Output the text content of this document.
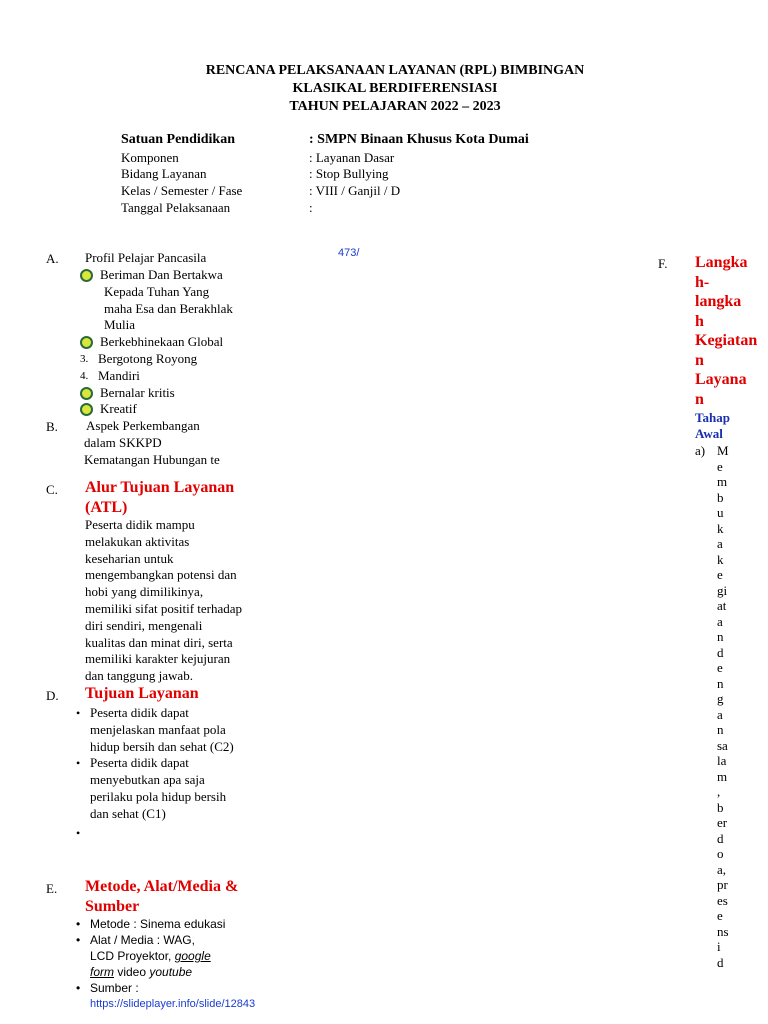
RENCANA PELAKSANAAN LAYANAN (RPL) BIMBINGAN
KLASIKAL BERDIFERENSIASI
TAHUN PELAJARAN 2022 – 2023
Satuan Pendidikan	: SMPN Binaan Khusus Kota Dumai
Komponen	: Layanan Dasar
Bidang Layanan	: Stop Bullying
Kelas / Semester / Fase	: VIII / Ganjil / D
Tanggal Pelaksanaan	:
473/
A. Profil Pelajar Pancasila
Beriman Dan Bertakwa
Kepada Tuhan Yang
maha Esa dan Berakhlak
Mulia
Berkebhinekaan Global
3. Bergotong Royong
4. Mandiri
Bernalar kritis
Kreatif
B. Aspek Perkembangan
dalam SKKPD
Kematangan Hubungan te
C. Alur Tujuan Layanan
(ATL)
Peserta didik mampu
melakukan aktivitas
keseharian untuk
mengembangkan potensi dan
hobi yang dimilikinya,
memiliki sifat positif terhadap
diri sendiri, mengenali
kualitas dan minat diri, serta
memiliki karakter kejujuran
dan tanggung jawab.
D. Tujuan Layanan
• Peserta didik dapat
menjelaskan manfaat pola
hidup bersih dan sehat (C2)
• Peserta didik dapat
menyebutkan apa saja
perilaku pola hidup bersih
dan sehat (C1)
•
E. Metode, Alat/Media &
Sumber
• Metode : Sinema edukasi
• Alat / Media : WAG,
LCD Proyektor, google
form video youtube
• Sumber :
https://slideplayer.info/slide/12843
F. Langka
h-
langka
h
Kegiatan
n
Layana
n
Tahap
Awal
a) M
e
m
b
u
k
a
k
e
gi
at
a
n
d
e
n
g
a
n
sa
la
m
,
b
er
d
o
a,
pr
es
e
ns
i
d
